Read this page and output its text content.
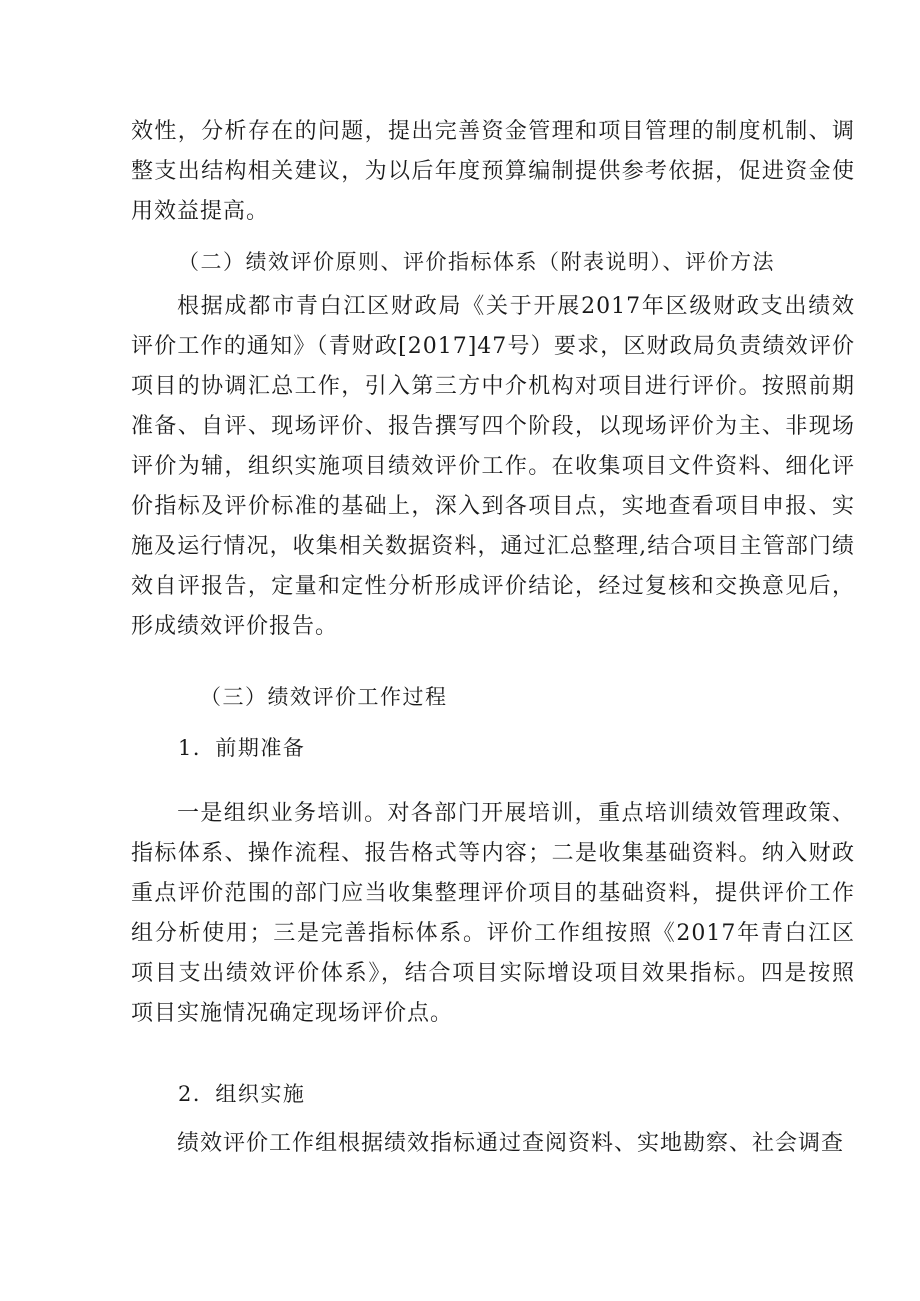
效性，分析存在的问题，提出完善资金管理和项目管理的制度机制、调整支出结构相关建议，为以后年度预算编制提供参考依据，促进资金使用效益提高。

（二）绩效评价原则、评价指标体系（附表说明）、评价方法

根据成都市青白江区财政局《关于开展2017年区级财政支出绩效评价工作的通知》（青财政[2017]47号）要求，区财政局负责绩效评价项目的协调汇总工作，引入第三方中介机构对项目进行评价。按照前期准备、自评、现场评价、报告撰写四个阶段，以现场评价为主、非现场评价为辅，组织实施项目绩效评价工作。在收集项目文件资料、细化评价指标及评价标准的基础上，深入到各项目点，实地查看项目申报、实施及运行情况，收集相关数据资料，通过汇总整理,结合项目主管部门绩效自评报告，定量和定性分析形成评价结论，经过复核和交换意见后，形成绩效评价报告。

（三）绩效评价工作过程
1．前期准备

一是组织业务培训。对各部门开展培训，重点培训绩效管理政策、指标体系、操作流程、报告格式等内容；二是收集基础资料。纳入财政重点评价范围的部门应当收集整理评价项目的基础资料，提供评价工作组分析使用；三是完善指标体系。评价工作组按照《2017年青白江区项目支出绩效评价体系》，结合项目实际增设项目效果指标。四是按照项目实施情况确定现场评价点。

2．组织实施

绩效评价工作组根据绩效指标通过查阅资料、实地勘察、社会调查
